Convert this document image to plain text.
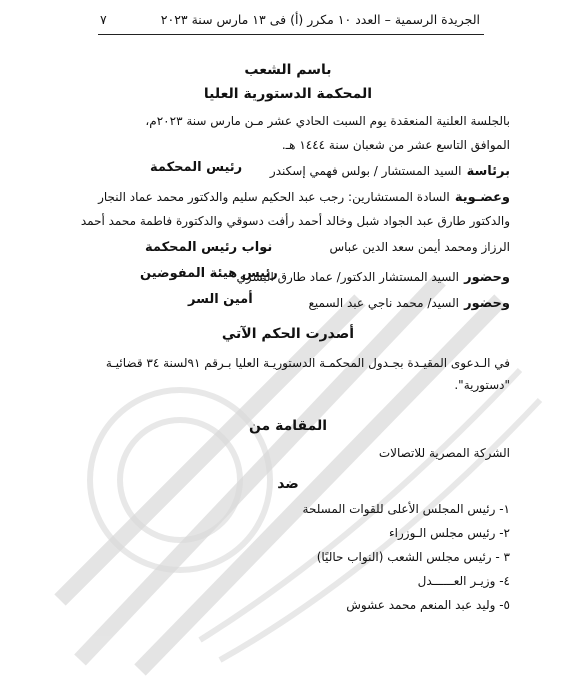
الجريدة الرسمية – العدد ١٠ مكرر (أ) فى ١٣ مارس سنة ٢٠٢٣
٧
باسم الشعب
المحكمة الدستورية العليا
بالجلسة العلنية المنعقدة يوم السبت الحادي عشر مـن مارس سنة ٢٠٢٣م،
الموافق التاسع عشر من شعبان سنة ١٤٤٤ هـ.
برئاسة السيد المستشار / بولس فهمي إسكندر
رئيس المحكمة
وعضـوية السادة المستشارين: رجب عبد الحكيم سليم والدكتور محمد عماد النجار
والدكتور طارق عبد الجواد شبل وخالد أحمد رأفت دسوقي والدكتورة فاطمة محمد أحمد
الرزاز ومحمد أيمن سعد الدين عباس
نواب رئيس المحكمة
وحضور السيد المستشار الدكتور/ عماد طارق البشري
رئيس هيئة المفوضين
وحضور السيد/ محمد ناجي عبد السميع
أمين السر
أصدرت الحكم الآتي
في الـدعوى المقيـدة بجـدول المحكمـة الدستوريـة العليا بـرقم ٩١لسنة ٣٤ قضائيـة
"دستورية".
المقامة من
الشركة المصرية للاتصالات
ضد
١- رئيس المجلس الأعلى للقوات المسلحة
٢- رئيس مجلس الـوزراء
٣ - رئيس مجلس الشعب (النواب حاليًا)
٤- وزيـر العــــــدل
٥- وليد عبد المنعم محمد عشوش
